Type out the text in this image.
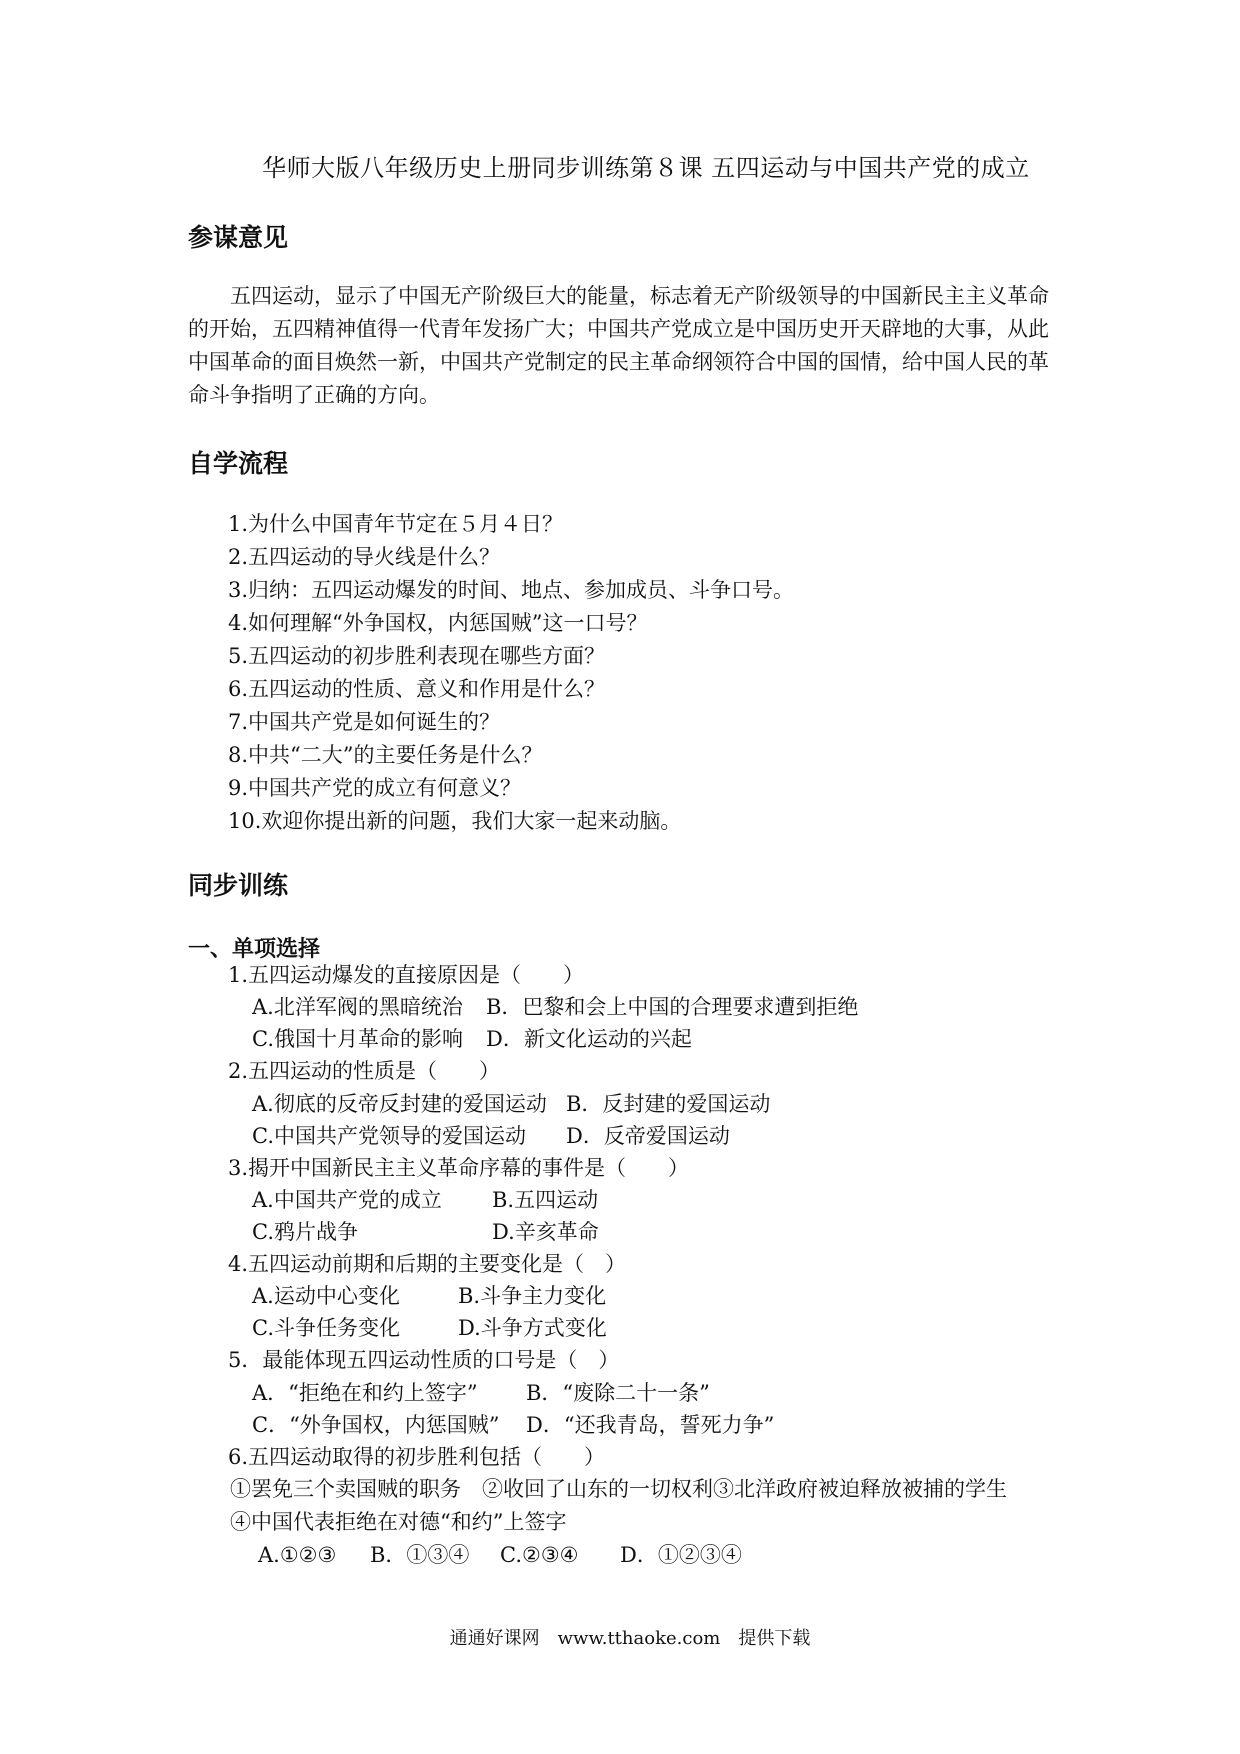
华师大版八年级历史上册同步训练第８课 五四运动与中国共产党的成立
参谋意见
五四运动，显示了中国无产阶级巨大的能量，标志着无产阶级领导的中国新民主主义革命的开始，五四精神值得一代青年发扬广大；中国共产党成立是中国历史开天辟地的大事，从此中国革命的面目焕然一新，中国共产党制定的民主革命纲领符合中国的国情，给中国人民的革命斗争指明了正确的方向。
自学流程
1.为什么中国青年节定在５月４日？
2.五四运动的导火线是什么？
3.归纳：五四运动爆发的时间、地点、参加成员、斗争口号。
4.如何理解“外争国权，内惩国贼”这一口号？
5.五四运动的初步胜利表现在哪些方面？
6.五四运动的性质、意义和作用是什么？
7.中国共产党是如何诞生的？
8.中共“二大”的主要任务是什么？
9.中国共产党的成立有何意义？
10.欢迎你提出新的问题，我们大家一起来动脑。
同步训练
一、单项选择
1.五四运动爆发的直接原因是（　　）
A.北洋军阀的黑暗统治 B．巴黎和会上中国的合理要求遭到拒绝
C.俄国十月革命的影响 D．新文化运动的兴起
2.五四运动的性质是（　　）
A.彻底的反帝反封建的爱国运动 B．反封建的爱国运动
C.中国共产党领导的爱国运动 D．反帝爱国运动
3.揭开中国新民主主义革命序幕的事件是（　　）
A.中国共产党的成立 B.五四运动
C.鸦片战争	D.辛亥革命
4.五四运动前期和后期的主要变化是（　）
A.运动中心变化	B.斗争主力变化
C.斗争任务变化	D.斗争方式变化
5．最能体现五四运动性质的口号是（　）
A．“拒绝在和约上签字” B．“废除二十一条”
C．“外争国权，内惩国贼” D．“还我青岛，誓死力争”
6.五四运动取得的初步胜利包括（　　）
①罢免三个卖国贼的职务　②收回了山东的一切权利③北洋政府被迫释放被捕的学生
④中国代表拒绝在对德“和约”上签字
A.①②③ B．①③④ C.②③④ D．①②③④
通通好课网　www.tthaoke.com　提供下载
